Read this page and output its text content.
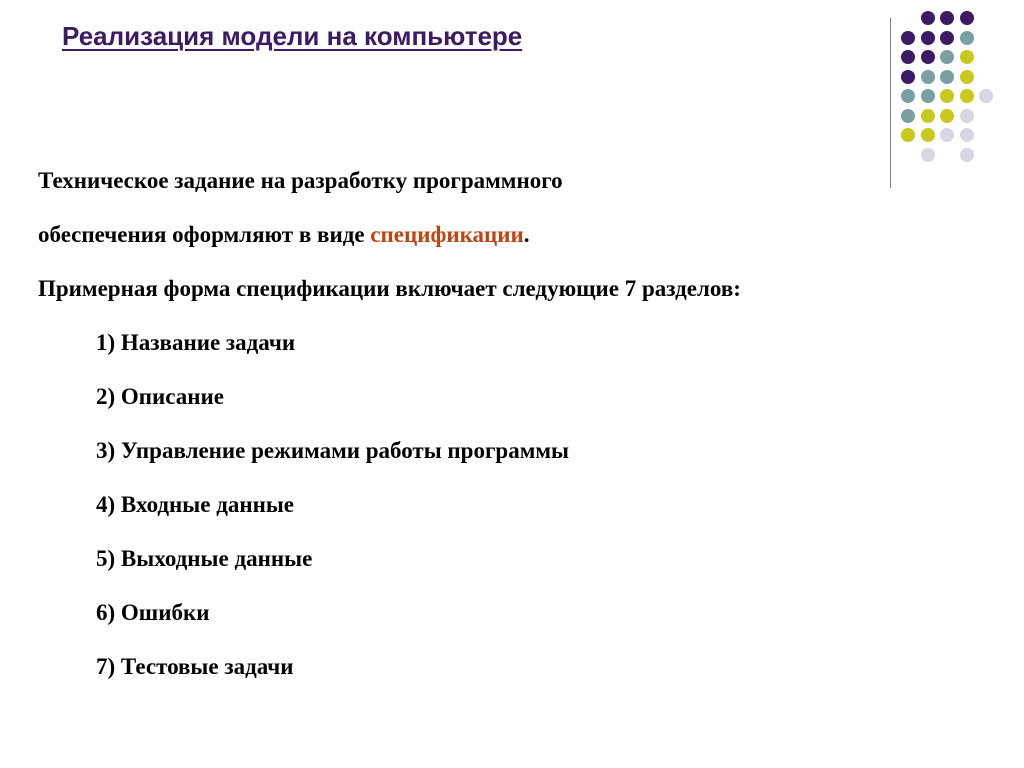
Реализация модели на компьютере
Техническое задание на разработку программного
обеспечения оформляют в виде спецификации.
Примерная форма спецификации включает следующие 7 разделов:
1) Название задачи
2) Описание
3) Управление режимами работы программы
4) Входные данные
5) Выходные данные
6) Ошибки
7) Тестовые задачи
